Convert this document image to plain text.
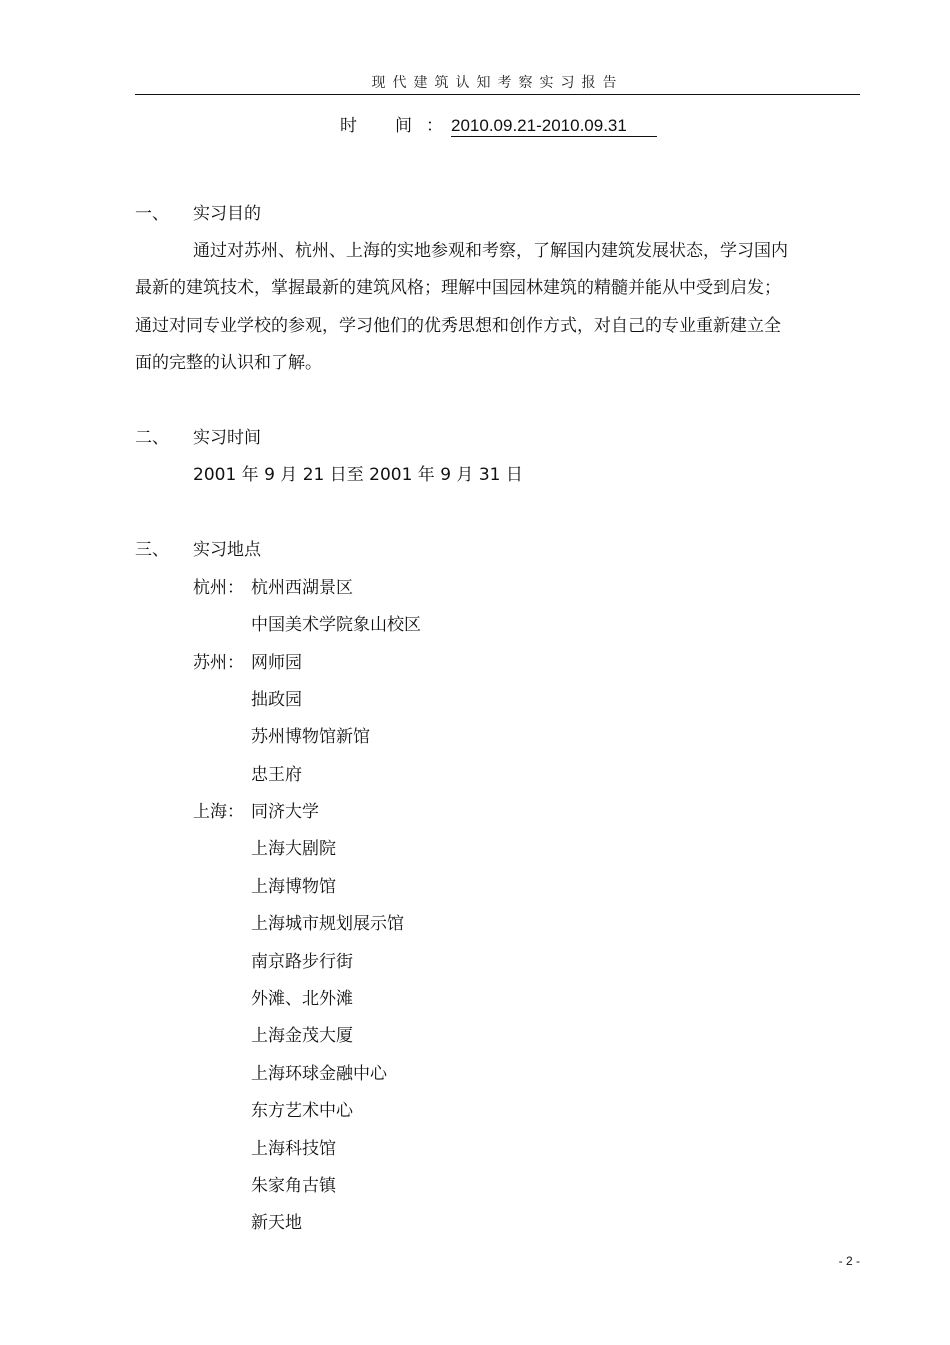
现代建筑认知考察实习报告
时 间 ： 2010.09.21-2010.09.31
一、 实习目的
通过对苏州、杭州、上海的实地参观和考察，了解国内建筑发展状态，学习国内
最新的建筑技术，掌握最新的建筑风格；理解中国园林建筑的精髓并能从中受到启发；
通过对同专业学校的参观，学习他们的优秀思想和创作方式，对自己的专业重新建立全
面的完整的认识和了解。
二、 实习时间
2001 年 9 月 21 日至 2001 年 9 月 31 日
三、 实习地点
杭州： 杭州西湖景区
中国美术学院象山校区
苏州： 网师园
拙政园
苏州博物馆新馆
忠王府
上海： 同济大学
上海大剧院
上海博物馆
上海城市规划展示馆
南京路步行街
外滩、北外滩
上海金茂大厦
上海环球金融中心
东方艺术中心
上海科技馆
朱家角古镇
新天地
- 2 -
